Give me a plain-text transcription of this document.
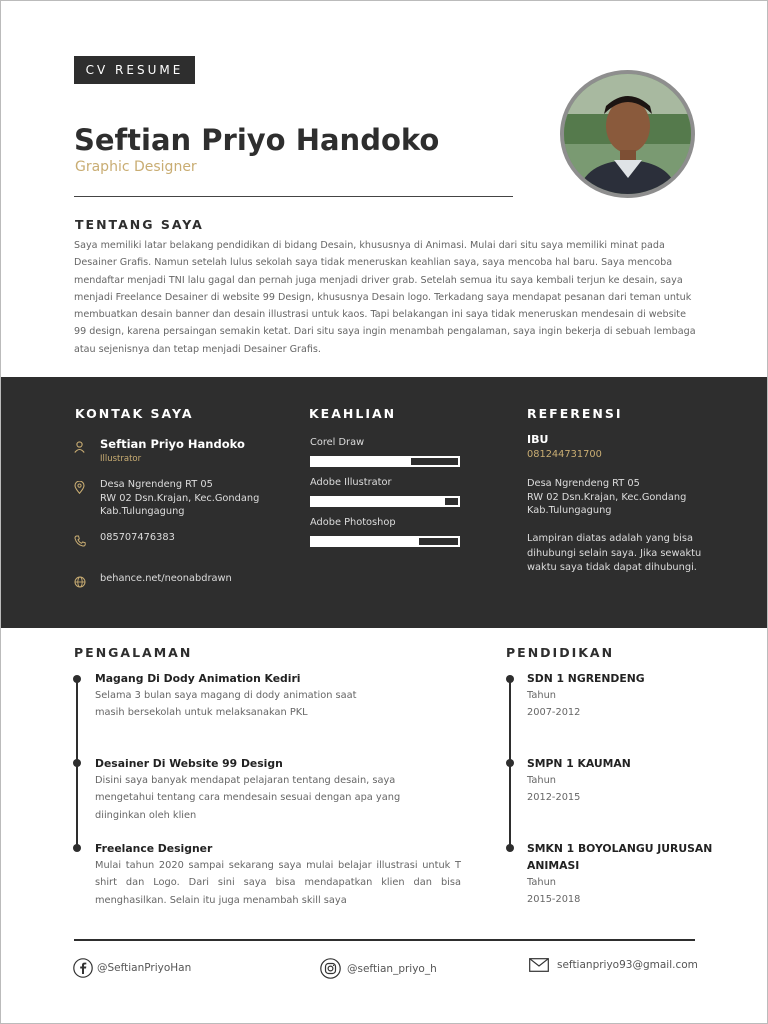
CV RESUME
Seftian Priyo Handoko
Graphic Designer
TENTANG SAYA
Saya memiliki latar belakang pendidikan di bidang Desain, khususnya di Animasi. Mulai dari situ saya memiliki minat pada Desainer Grafis. Namun setelah lulus sekolah saya tidak meneruskan keahlian saya, saya mencoba hal baru. Saya mencoba mendaftar menjadi TNI lalu gagal dan pernah juga menjadi driver grab. Setelah semua itu saya kembali terjun ke desain, saya menjadi Freelance Desainer di website 99 Design, khususnya Desain logo. Terkadang saya mendapat pesanan dari teman untuk membuatkan desain banner dan desain illustrasi untuk kaos. Tapi belakangan ini saya tidak meneruskan mendesain di website 99 design, karena persaingan semakin ketat. Dari situ saya ingin menambah pengalaman, saya ingin bekerja di sebuah lembaga atau sejenisnya dan tetap menjadi Desainer Grafis.
KONTAK SAYA	KEAHLIAN	REFERENSI
Seftian Priyo Handoko
Illustrator
Desa Ngrendeng RT 05
RW 02 Dsn.Krajan, Kec.Gondang
Kab.Tulungagung
085707476383
behance.net/neonabdrawn
Corel Draw
Adobe Illustrator
Adobe Photoshop
IBU
081244731700
Desa Ngrendeng RT 05
RW 02 Dsn.Krajan, Kec.Gondang
Kab.Tulungagung
Lampiran diatas adalah yang bisa dihubungi selain saya. Jika sewaktu waktu saya tidak dapat dihubungi.
PENGALAMAN
Magang Di Dody Animation Kediri
Selama 3 bulan saya magang di dody animation saat masih bersekolah untuk melaksanakan PKL
Desainer Di Website 99 Design
Disini saya banyak mendapat pelajaran tentang desain, saya mengetahui tentang cara mendesain sesuai dengan apa yang diinginkan oleh klien
Freelance Designer
Mulai tahun 2020 sampai sekarang saya mulai belajar illustrasi untuk T shirt dan Logo. Dari sini saya bisa mendapatkan klien dan bisa menghasilkan. Selain itu juga menambah skill saya
PENDIDIKAN
SDN 1 NGRENDENG
Tahun
2007-2012
SMPN 1 KAUMAN
Tahun
2012-2015
SMKN 1 BOYOLANGU JURUSAN
ANIMASI
Tahun
2015-2018
@SeftianPriyoHan	@seftian_priyo_h	seftianpriyo93@gmail.com
